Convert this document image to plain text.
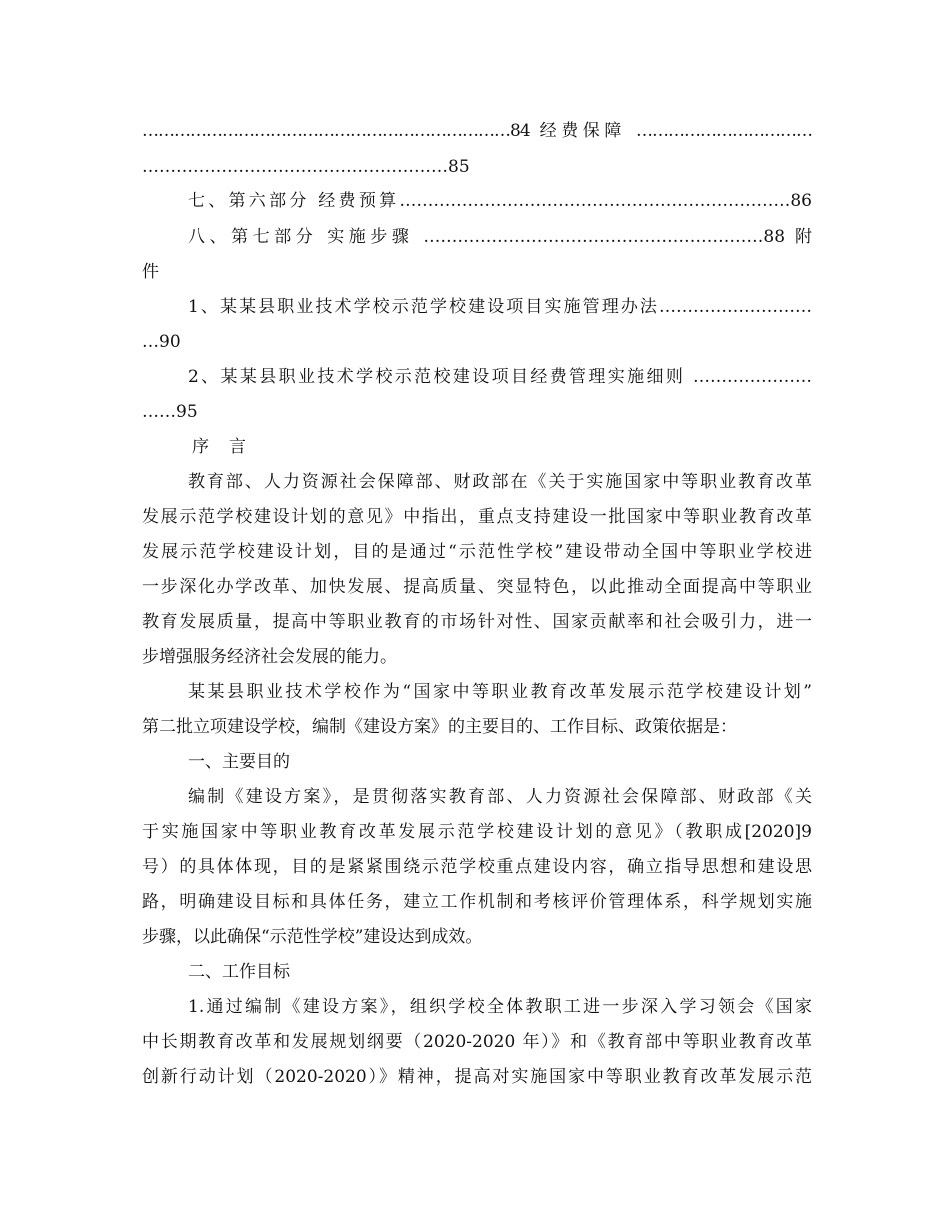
……………………………………………………………84 经费保障 ……………………………
………………………………………………85
七、第六部分 经费预算……………………………………………………………86
八、第七部分 实施步骤 ……………………………………………………88 附
件
1、某某县职业技术学校示范学校建设项目实施管理办法………………………
…90
2、某某县职业技术学校示范校建设项目经费管理实施细则 …………………
……95
序 言
教育部、人力资源社会保障部、财政部在《关于实施国家中等职业教育改革
发展示范学校建设计划的意见》中指出，重点支持建设一批国家中等职业教育改革
发展示范学校建设计划，目的是通过“示范性学校”建设带动全国中等职业学校进
一步深化办学改革、加快发展、提高质量、突显特色，以此推动全面提高中等职业
教育发展质量，提高中等职业教育的市场针对性、国家贡献率和社会吸引力，进一
步增强服务经济社会发展的能力。
某某县职业技术学校作为“国家中等职业教育改革发展示范学校建设计划”
第二批立项建设学校，编制《建设方案》的主要目的、工作目标、政策依据是：
一、主要目的
编制《建设方案》，是贯彻落实教育部、人力资源社会保障部、财政部《关
于实施国家中等职业教育改革发展示范学校建设计划的意见》（教职成[2020]9
号）的具体体现，目的是紧紧围绕示范学校重点建设内容，确立指导思想和建设思
路，明确建设目标和具体任务，建立工作机制和考核评价管理体系，科学规划实施
步骤，以此确保“示范性学校”建设达到成效。
二、工作目标
1.通过编制《建设方案》，组织学校全体教职工进一步深入学习领会《国家
中长期教育改革和发展规划纲要（2020-2020 年）》和《教育部中等职业教育改革
创新行动计划（2020-2020）》精神，提高对实施国家中等职业教育改革发展示范
